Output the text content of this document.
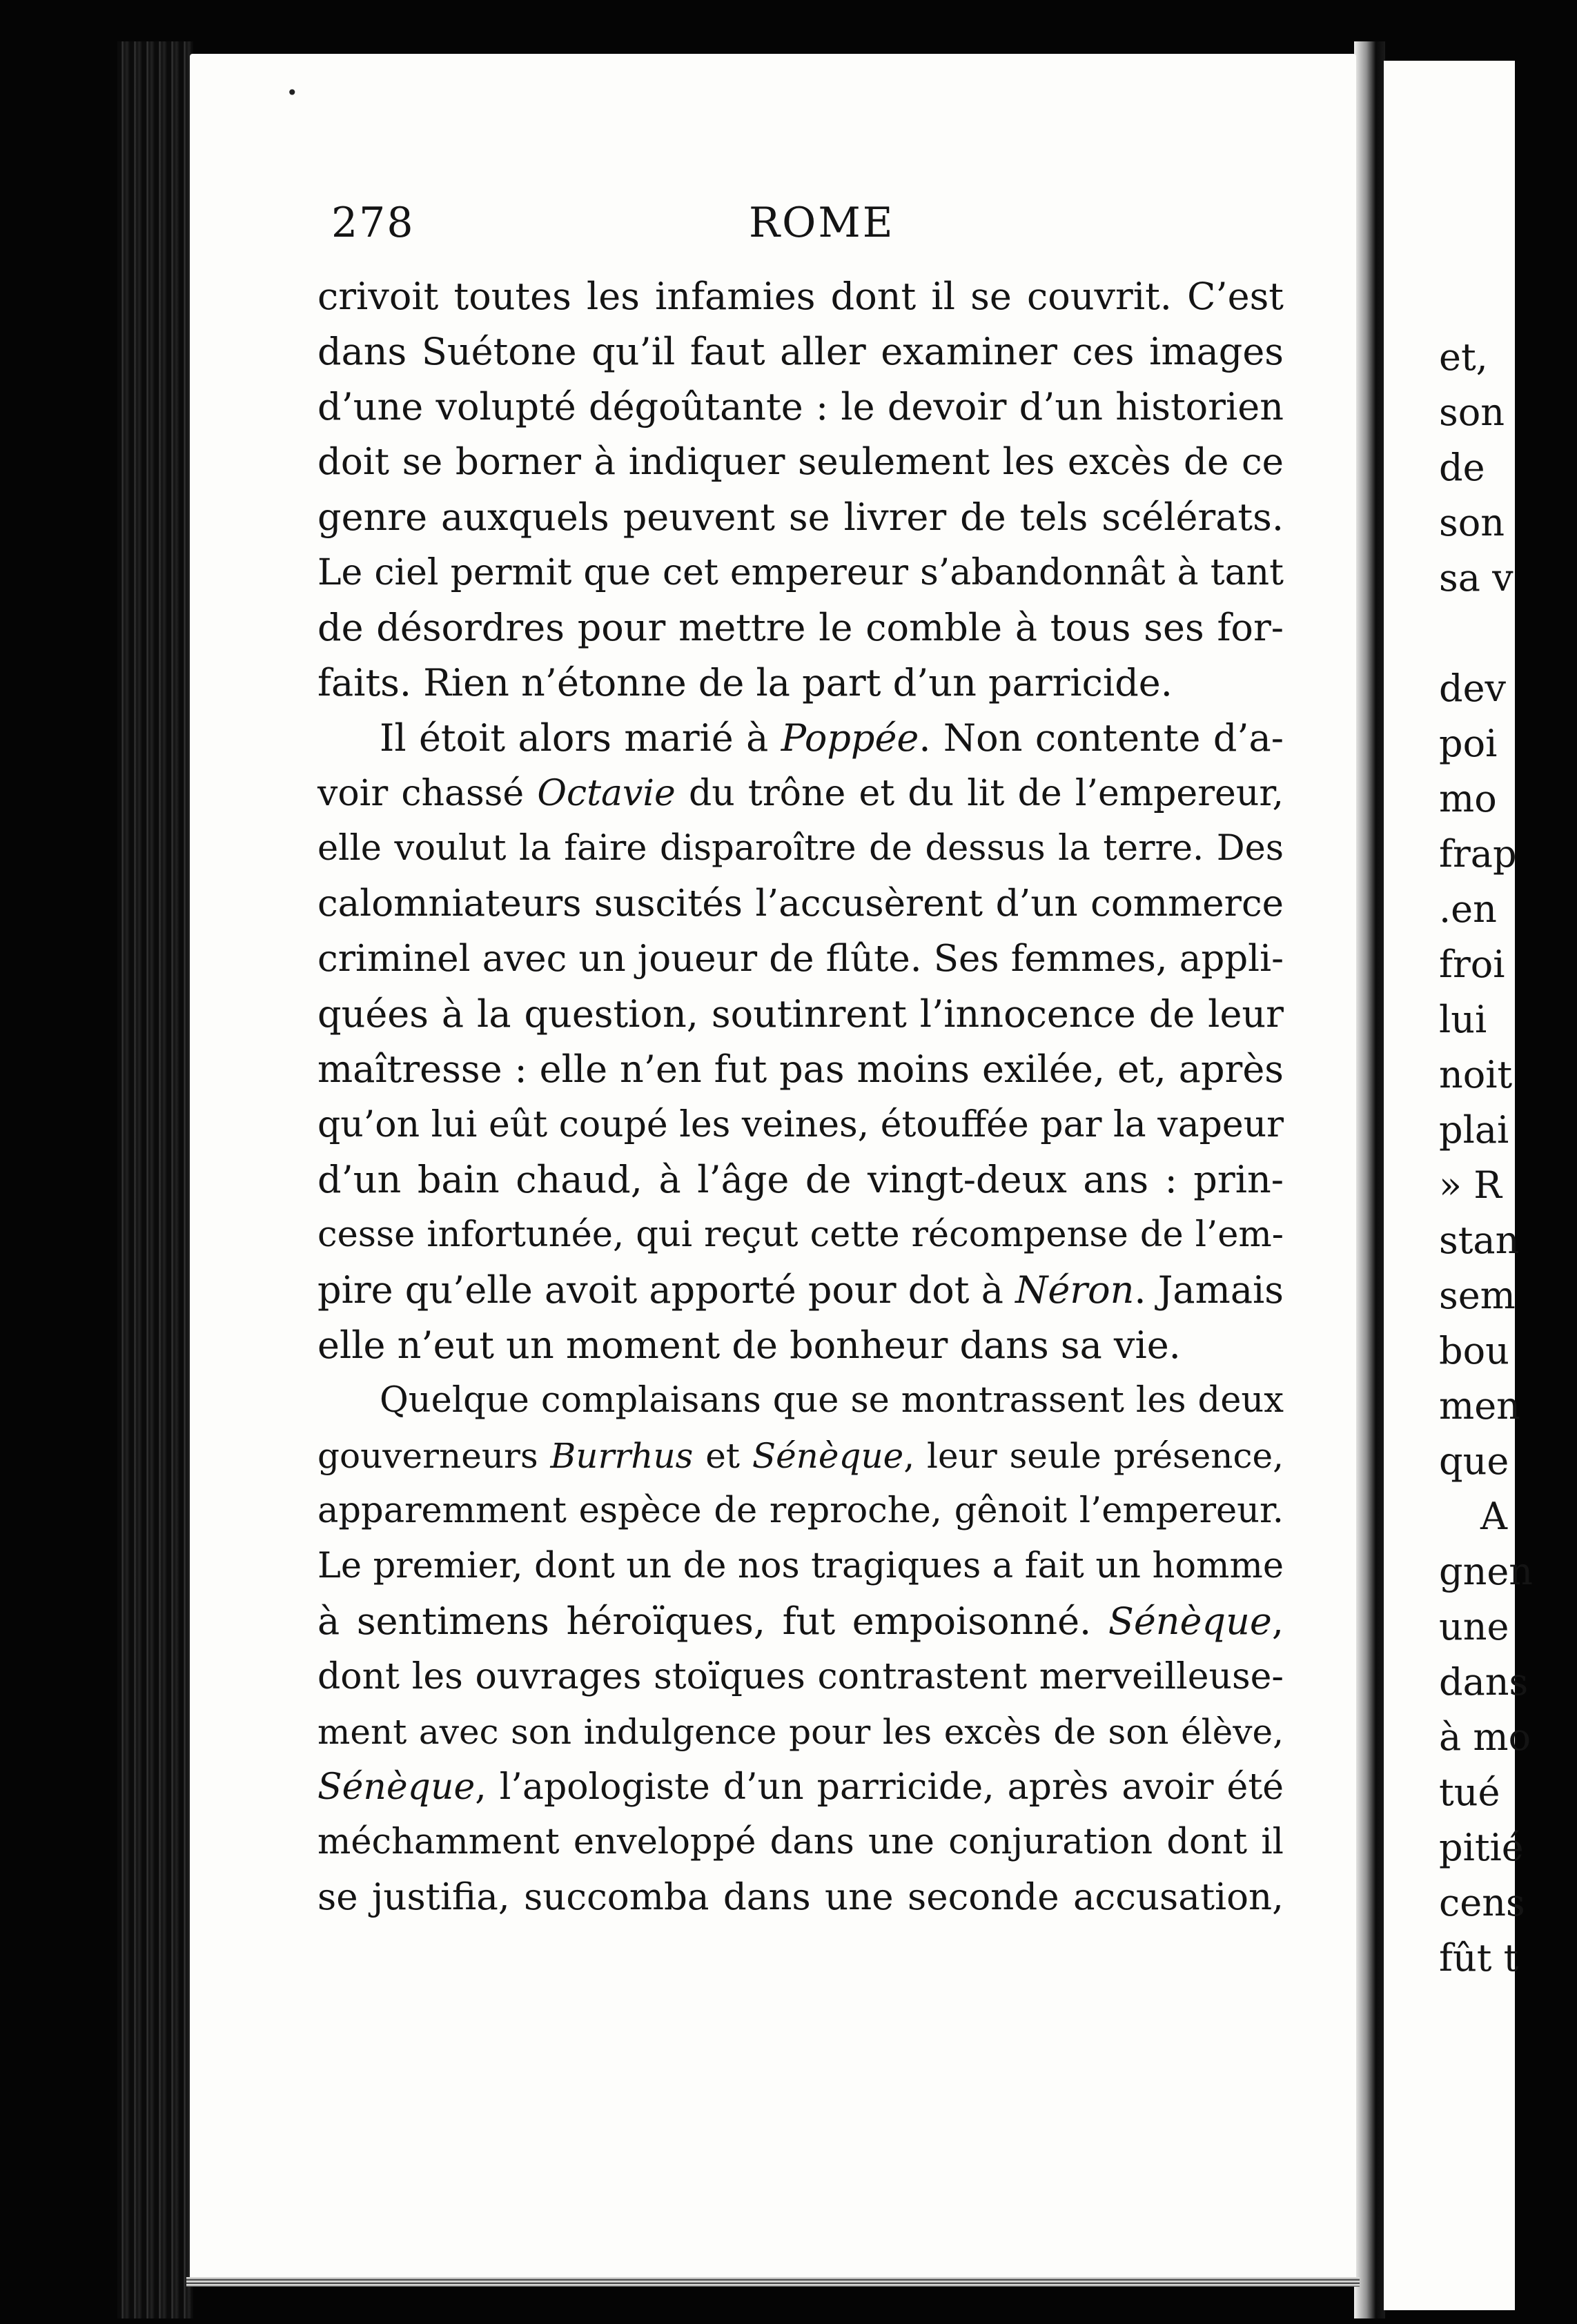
278	ROME
crivoit toutes les infamies dont il se couvrit. C’est
dans Suétone qu’il faut aller examiner ces images
d’une volupté dégoûtante : le devoir d’un historien
doit se borner à indiquer seulement les excès de ce
genre auxquels peuvent se livrer de tels scélérats.
Le ciel permit que cet empereur s’abandonnât à tant
de désordres pour mettre le comble à tous ses for-
faits. Rien n’étonne de la part d’un parricide.
Il étoit alors marié à Poppée. Non contente d’a-
voir chassé Octavie du trône et du lit de l’empereur,
elle voulut la faire disparoître de dessus la terre. Des
calomniateurs suscités l’accusèrent d’un commerce
criminel avec un joueur de flûte. Ses femmes, appli-
quées à la question, soutinrent l’innocence de leur
maîtresse : elle n’en fut pas moins exilée, et, après
qu’on lui eût coupé les veines, étouffée par la vapeur
d’un bain chaud, à l’âge de vingt-deux ans : prin-
cesse infortunée, qui reçut cette récompense de l’em-
pire qu’elle avoit apporté pour dot à Néron. Jamais
elle n’eut un moment de bonheur dans sa vie.
Quelque complaisans que se montrassent les deux
gouverneurs Burrhus et Sénèque, leur seule présence,
apparemment espèce de reproche, gênoit l’empereur.
Le premier, dont un de nos tragiques a fait un homme
à sentimens héroïques, fut empoisonné. Sénèque,
dont les ouvrages stoïques contrastent merveilleuse-
ment avec son indulgence pour les excès de son élève,
Sénèque, l’apologiste d’un parricide, après avoir été
méchamment enveloppé dans une conjuration dont il
se justifia, succomba dans une seconde accusation,
et,
son
de
son
sa v
dev
poi
mo
frap
.en
froi
lui
noit
plai
» R
stan
sem
bou
men
que
A
gnen
une
dans
à mo
tué
pitié
cens
fût t
•
